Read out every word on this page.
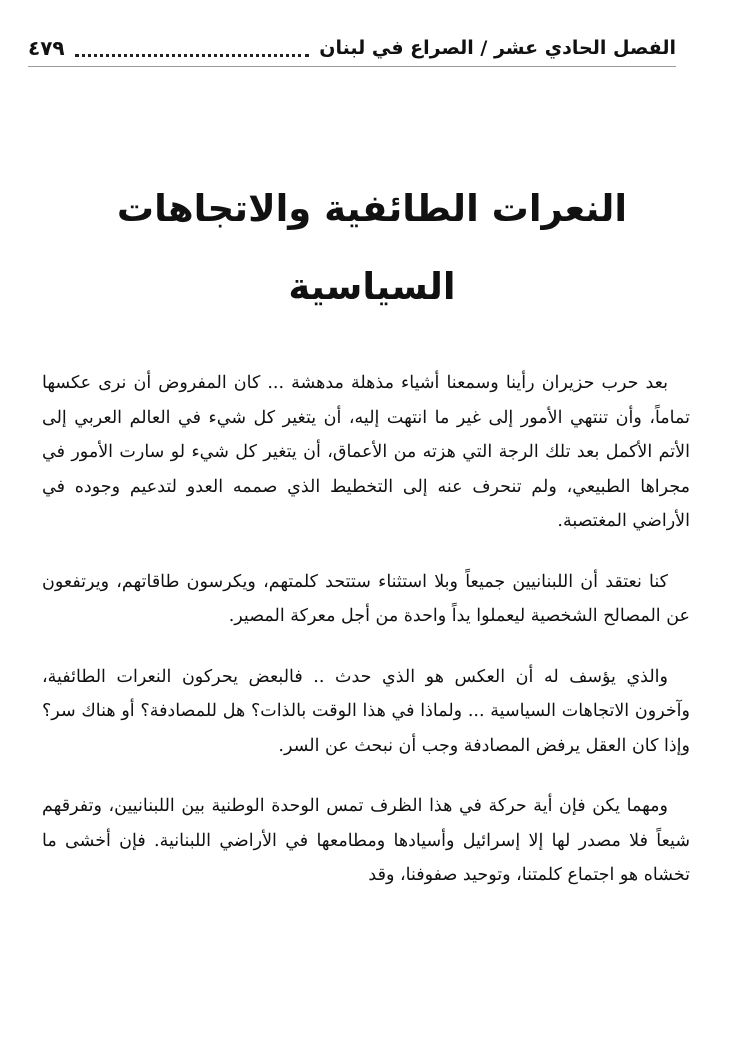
الفصل الحادي عشر / الصراع في لبنان
٤٧٩
النعرات الطائفية والاتجاهات
السياسية

بعد حرب حزيران رأينا وسمعنا أشياء مذهلة مدهشة ... كان المفروض أن نرى عكسها تماماً، وأن تنتهي الأمور إلى غير ما انتهت إليه، أن يتغير كل شيء في العالم العربي إلى الأتم الأكمل بعد تلك الرجة التي هزته من الأعماق، أن يتغير كل شيء لو سارت الأمور في مجراها الطبيعي، ولم تنحرف عنه إلى التخطيط الذي صممه العدو لتدعيم وجوده في الأراضي المغتصبة.

كنا نعتقد أن اللبنانيين جميعاً وبلا استثناء ستتحد كلمتهم، ويكرسون طاقاتهم، ويرتفعون عن المصالح الشخصية ليعملوا يداً واحدة من أجل معركة المصير.

والذي يؤسف له أن العكس هو الذي حدث .. فالبعض يحركون النعرات الطائفية، وآخرون الاتجاهات السياسية ... ولماذا في هذا الوقت بالذات؟ هل للمصادفة؟ أو هناك سر؟ وإذا كان العقل يرفض المصادفة وجب أن نبحث عن السر.

ومهما يكن فإن أية حركة في هذا الظرف تمس الوحدة الوطنية بين اللبنانيين، وتفرقهم شيعاً فلا مصدر لها إلا إسرائيل وأسيادها ومطامعها في الأراضي اللبنانية. فإن أخشى ما تخشاه هو اجتماع كلمتنا، وتوحيد صفوفنا، وقد
